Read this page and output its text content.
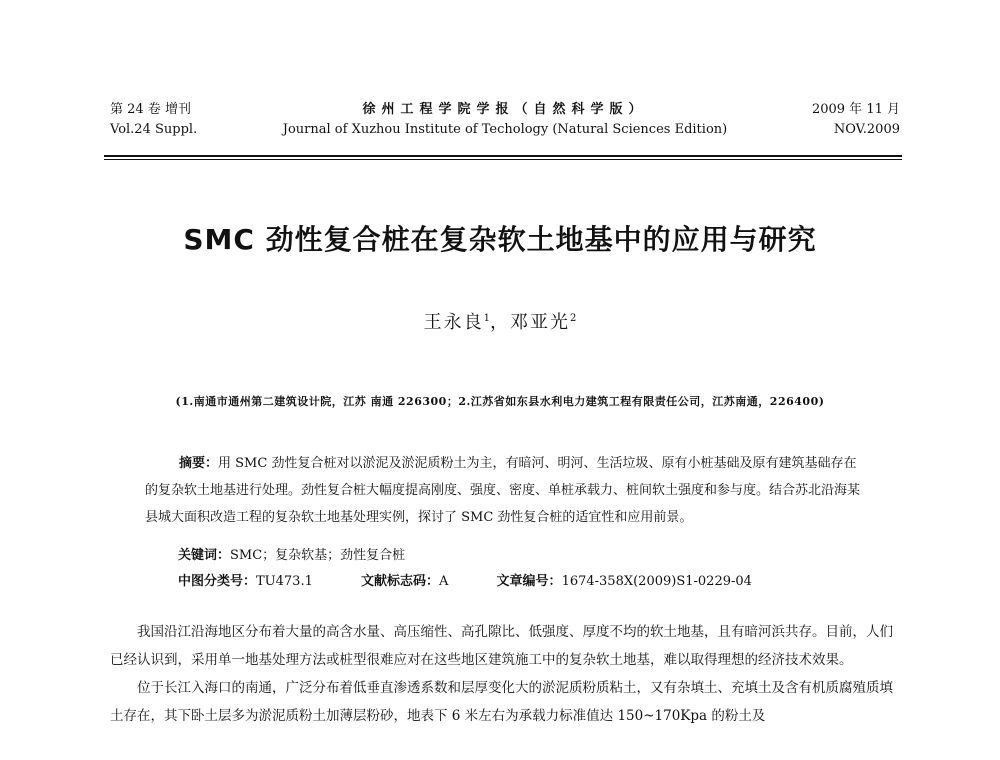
第 24 卷 增刊
Vol.24 Suppl.
徐州工程学院学报（自然科学版）
Journal of Xuzhou Institute of Techology (Natural Sciences Edition)
2009 年 11 月
NOV.2009
SMC 劲性复合桩在复杂软土地基中的应用与研究
王永良$^1$，邓亚光$^2$
(1.南通市通州第二建筑设计院，江苏 南通 226300；2.江苏省如东县水利电力建筑工程有限责任公司，江苏南通，226400)

摘要：用 SMC 劲性复合桩对以淤泥及淤泥质粉土为主，有暗河、明河、生活垃圾、原有小桩基础及原有建筑基础存在的复杂软土地基进行处理。劲性复合桩大幅度提高刚度、强度、密度、单桩承载力、桩间软土强度和参与度。结合苏北沿海某县城大面积改造工程的复杂软土地基处理实例，探讨了 SMC 劲性复合桩的适宜性和应用前景。

关键词：SMC；复杂软基；劲性复合桩
中图分类号：TU473.1	文献标志码：A	文章编号：1674-358X(2009)S1-0229-04

我国沿江沿海地区分布着大量的高含水量、高压缩性、高孔隙比、低强度、厚度不均的软土地基，且有暗河浜共存。目前，人们已经认识到，采用单一地基处理方法或桩型很难应对在这些地区建筑施工中的复杂软土地基，难以取得理想的经济技术效果。

位于长江入海口的南通，广泛分布着低垂直渗透系数和层厚变化大的淤泥质粉质粘土，又有杂填土、充填土及含有机质腐殖质填土存在，其下卧土层多为淤泥质粉土加薄层粉砂，地表下 6 米左右为承载力标准值达 150~170Kpa 的粉土及
